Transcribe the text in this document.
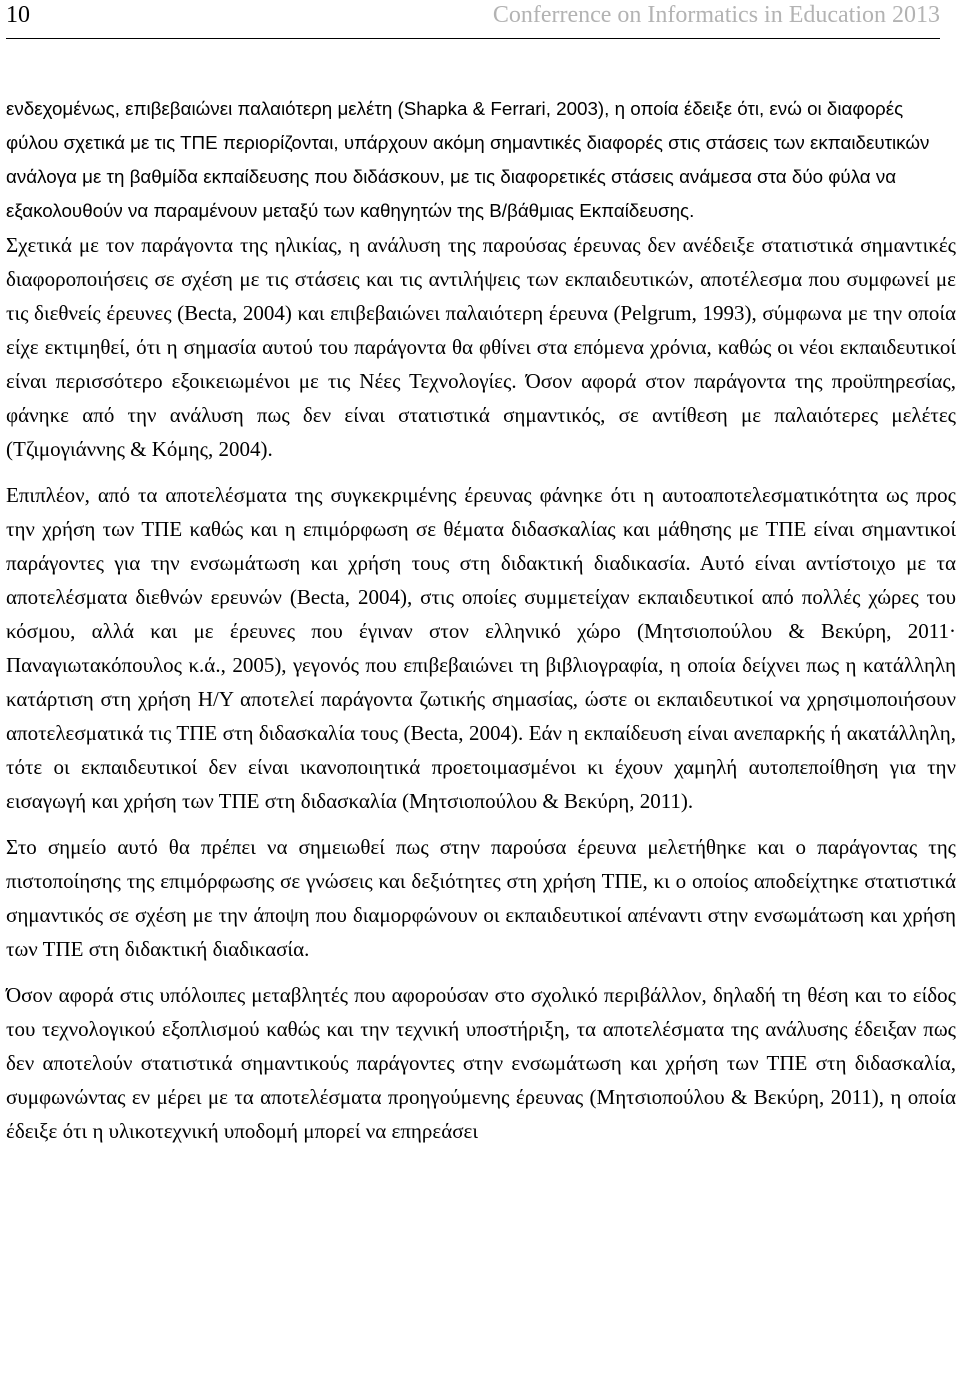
10	Conferrence on Informatics in Education 2013

ενδεχομένως, επιβεβαιώνει παλαιότερη μελέτη (Shapka & Ferrari, 2003), η οποία έδειξε ότι, ενώ οι διαφορές φύλου σχετικά με τις ΤΠΕ περιορίζονται, υπάρχουν ακόμη σημαντικές διαφορές στις στάσεις των εκπαιδευτικών ανάλογα με τη βαθμίδα εκπαίδευσης που διδάσκουν, με τις διαφορετικές στάσεις ανάμεσα στα δύο φύλα να εξακολουθούν να παραμένουν μεταξύ των καθηγητών της Β/βάθμιας Εκπαίδευσης.

Σχετικά με τον παράγοντα της ηλικίας, η ανάλυση της παρούσας έρευνας δεν ανέδειξε στατιστικά σημαντικές διαφοροποιήσεις σε σχέση με τις στάσεις και τις αντιλήψεις των εκπαιδευτικών, αποτέλεσμα που συμφωνεί με τις διεθνείς έρευνες (Becta, 2004) και επιβεβαιώνει παλαιότερη έρευνα (Pelgrum, 1993), σύμφωνα με την οποία είχε εκτιμηθεί, ότι η σημασία αυτού του παράγοντα θα φθίνει στα επόμενα χρόνια, καθώς οι νέοι εκπαιδευτικοί είναι περισσότερο εξοικειωμένοι με τις Νέες Τεχνολογίες. Όσον αφορά στον παράγοντα της προϋπηρεσίας, φάνηκε από την ανάλυση πως δεν είναι στατιστικά σημαντικός, σε αντίθεση με παλαιότερες μελέτες (Τζιμογιάννης & Κόμης, 2004).

Επιπλέον, από τα αποτελέσματα της συγκεκριμένης έρευνας φάνηκε ότι η αυτοαποτελεσματικότητα ως προς την χρήση των ΤΠΕ καθώς και η επιμόρφωση σε θέματα διδασκαλίας και μάθησης με ΤΠΕ είναι σημαντικοί παράγοντες για την ενσωμάτωση και χρήση τους στη διδακτική διαδικασία. Αυτό είναι αντίστοιχο με τα αποτελέσματα διεθνών ερευνών (Becta, 2004), στις οποίες συμμετείχαν εκπαιδευτικοί από πολλές χώρες του κόσμου, αλλά και με έρευνες που έγιναν στον ελληνικό χώρο (Μητσιοπούλου & Βεκύρη, 2011· Παναγιωτακόπουλος κ.ά., 2005), γεγονός που επιβεβαιώνει τη βιβλιογραφία, η οποία δείχνει πως η κατάλληλη κατάρτιση στη χρήση Η/Υ αποτελεί παράγοντα ζωτικής σημασίας, ώστε οι εκπαιδευτικοί να χρησιμοποιήσουν αποτελεσματικά τις ΤΠΕ στη διδασκαλία τους (Becta, 2004). Εάν η εκπαίδευση είναι ανεπαρκής ή ακατάλληλη, τότε οι εκπαιδευτικοί δεν είναι ικανοποιητικά προετοιμασμένοι κι έχουν χαμηλή αυτοπεποίθηση για την εισαγωγή και χρήση των ΤΠΕ στη διδασκαλία (Μητσιοπούλου & Βεκύρη, 2011).

Στο σημείο αυτό θα πρέπει να σημειωθεί πως στην παρούσα έρευνα μελετήθηκε και ο παράγοντας της πιστοποίησης της επιμόρφωσης σε γνώσεις και δεξιότητες στη χρήση ΤΠΕ, κι ο οποίος αποδείχτηκε στατιστικά σημαντικός σε σχέση με την άποψη που διαμορφώνουν οι εκπαιδευτικοί απέναντι στην ενσωμάτωση και χρήση των ΤΠΕ στη διδακτική διαδικασία.

Όσον αφορά στις υπόλοιπες μεταβλητές που αφορούσαν στο σχολικό περιβάλλον, δηλαδή τη θέση και το είδος του τεχνολογικού εξοπλισμού καθώς και την τεχνική υποστήριξη, τα αποτελέσματα της ανάλυσης έδειξαν πως δεν αποτελούν στατιστικά σημαντικούς παράγοντες στην ενσωμάτωση και χρήση των ΤΠΕ στη διδασκαλία, συμφωνώντας εν μέρει με τα αποτελέσματα προηγούμενης έρευνας (Μητσιοπούλου & Βεκύρη, 2011), η οποία έδειξε ότι η υλικοτεχνική υποδομή μπορεί να επηρεάσει
